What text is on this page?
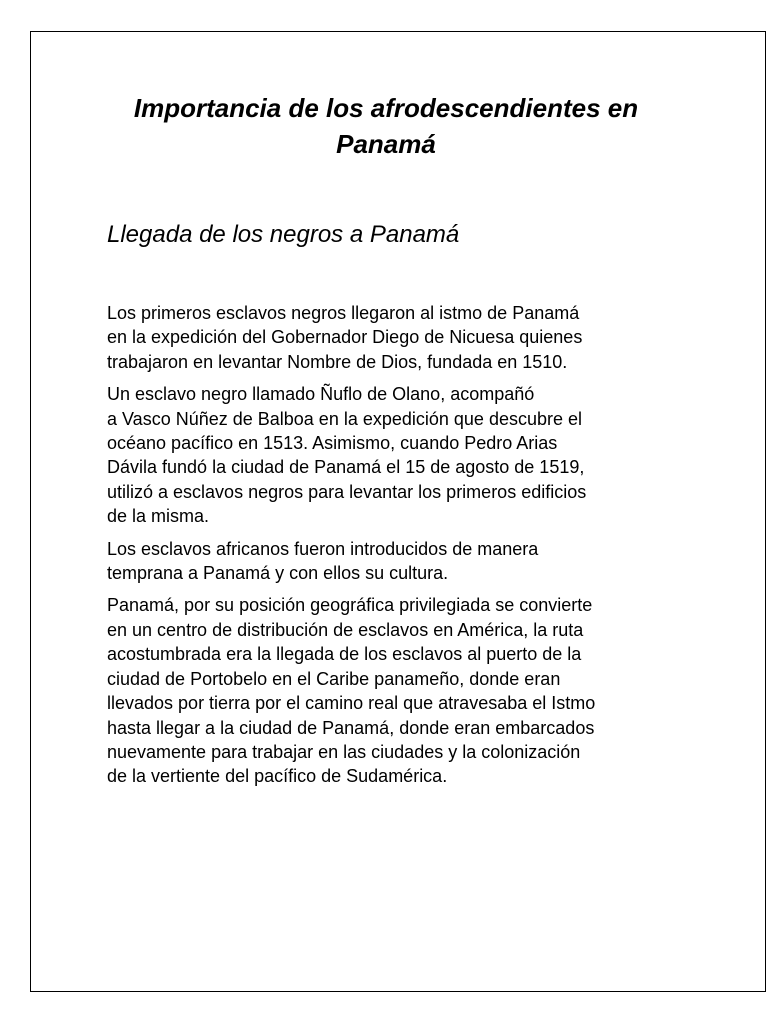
Importancia de los afrodescendientes en
Panamá
Llegada de los negros a Panamá

Los primeros esclavos negros llegaron al istmo de Panamá
en la expedición del Gobernador Diego de Nicuesa quienes
trabajaron en levantar Nombre de Dios, fundada en 1510.

Un esclavo negro llamado Ñuflo de Olano, acompañó
a Vasco Núñez de Balboa en la expedición que descubre el
océano pacífico en 1513. Asimismo, cuando Pedro Arias
Dávila fundó la ciudad de Panamá el 15 de agosto de 1519,
utilizó a esclavos negros para levantar los primeros edificios
de la misma.

Los esclavos africanos fueron introducidos de manera
temprana a Panamá y con ellos su cultura.

Panamá, por su posición geográfica privilegiada se convierte
en un centro de distribución de esclavos en América, la ruta
acostumbrada era la llegada de los esclavos al puerto de la
ciudad de Portobelo en el Caribe panameño, donde eran
llevados por tierra por el camino real que atravesaba el Istmo
hasta llegar a la ciudad de Panamá, donde eran embarcados
nuevamente para trabajar en las ciudades y la colonización
de la vertiente del pacífico de Sudamérica.
